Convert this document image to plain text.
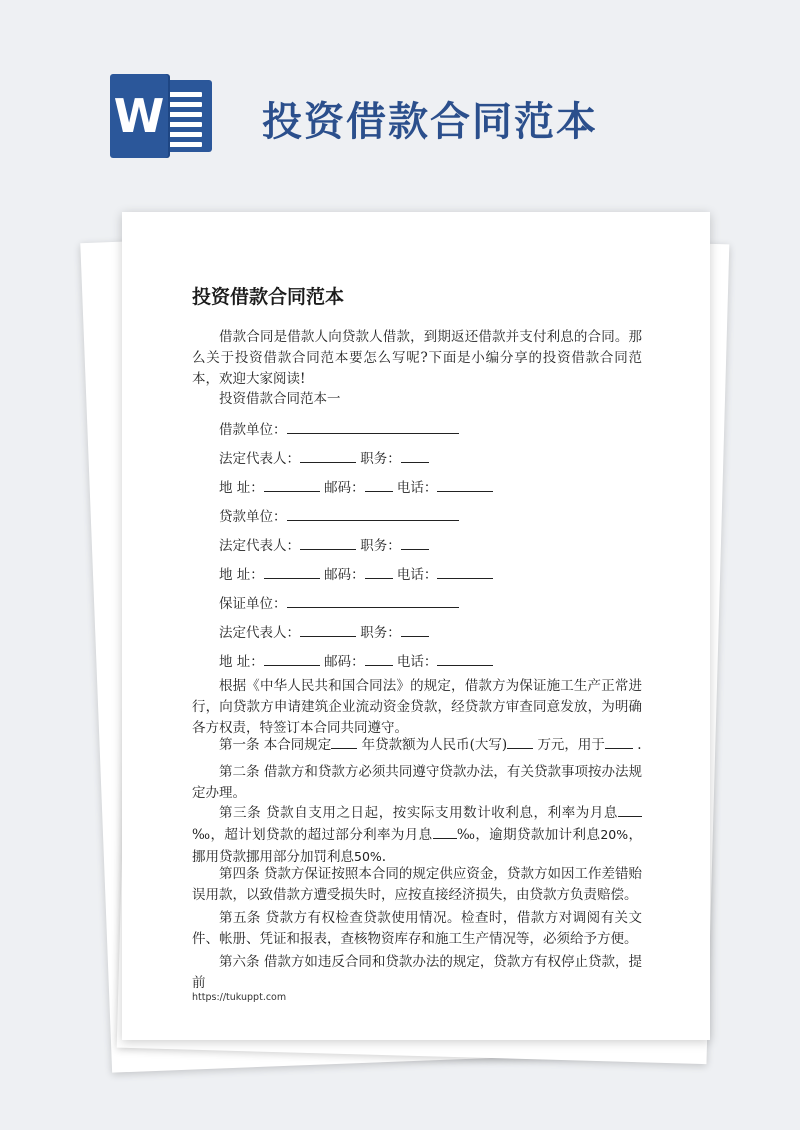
W 投资借款合同范本
投资借款合同范本
借款合同是借款人向贷款人借款，到期返还借款并支付利息的合同。那么关于投资借款合同范本要怎么写呢?下面是小编分享的投资借款合同范本，欢迎大家阅读!
投资借款合同范本一
借款单位：
法定代表人：	职务：
地 址：	邮码： 电话：
贷款单位：
法定代表人：	职务：
地 址：	邮码： 电话：
保证单位：
法定代表人：	职务：
地 址：	邮码： 电话：
根据《中华人民共和国合同法》的规定，借款方为保证施工生产正常进行，向贷款方申请建筑企业流动资金贷款，经贷款方审查同意发放，为明确各方权责，特签订本合同共同遵守。
第一条 本合同规定 年贷款额为人民币(大写) 万元，用于 .
第二条 借款方和贷款方必须共同遵守贷款办法，有关贷款事项按办法规定办理。
第三条 贷款自支用之日起，按实际支用数计收利息，利率为月息‰，超计划贷款的超过部分利率为月息 ‰，逾期贷款加计利息20%，挪用贷款挪用部分加罚利息50%.
第四条 贷款方保证按照本合同的规定供应资金，贷款方如因工作差错贻误用款，以致借款方遭受损失时，应按直接经济损失，由贷款方负责赔偿。
第五条 贷款方有权检查贷款使用情况。检查时，借款方对调阅有关文件、帐册、凭证和报表，查核物资库存和施工生产情况等，必须给予方便。
第六条 借款方如违反合同和贷款办法的规定，贷款方有权停止贷款，提前
https://tukuppt.com
